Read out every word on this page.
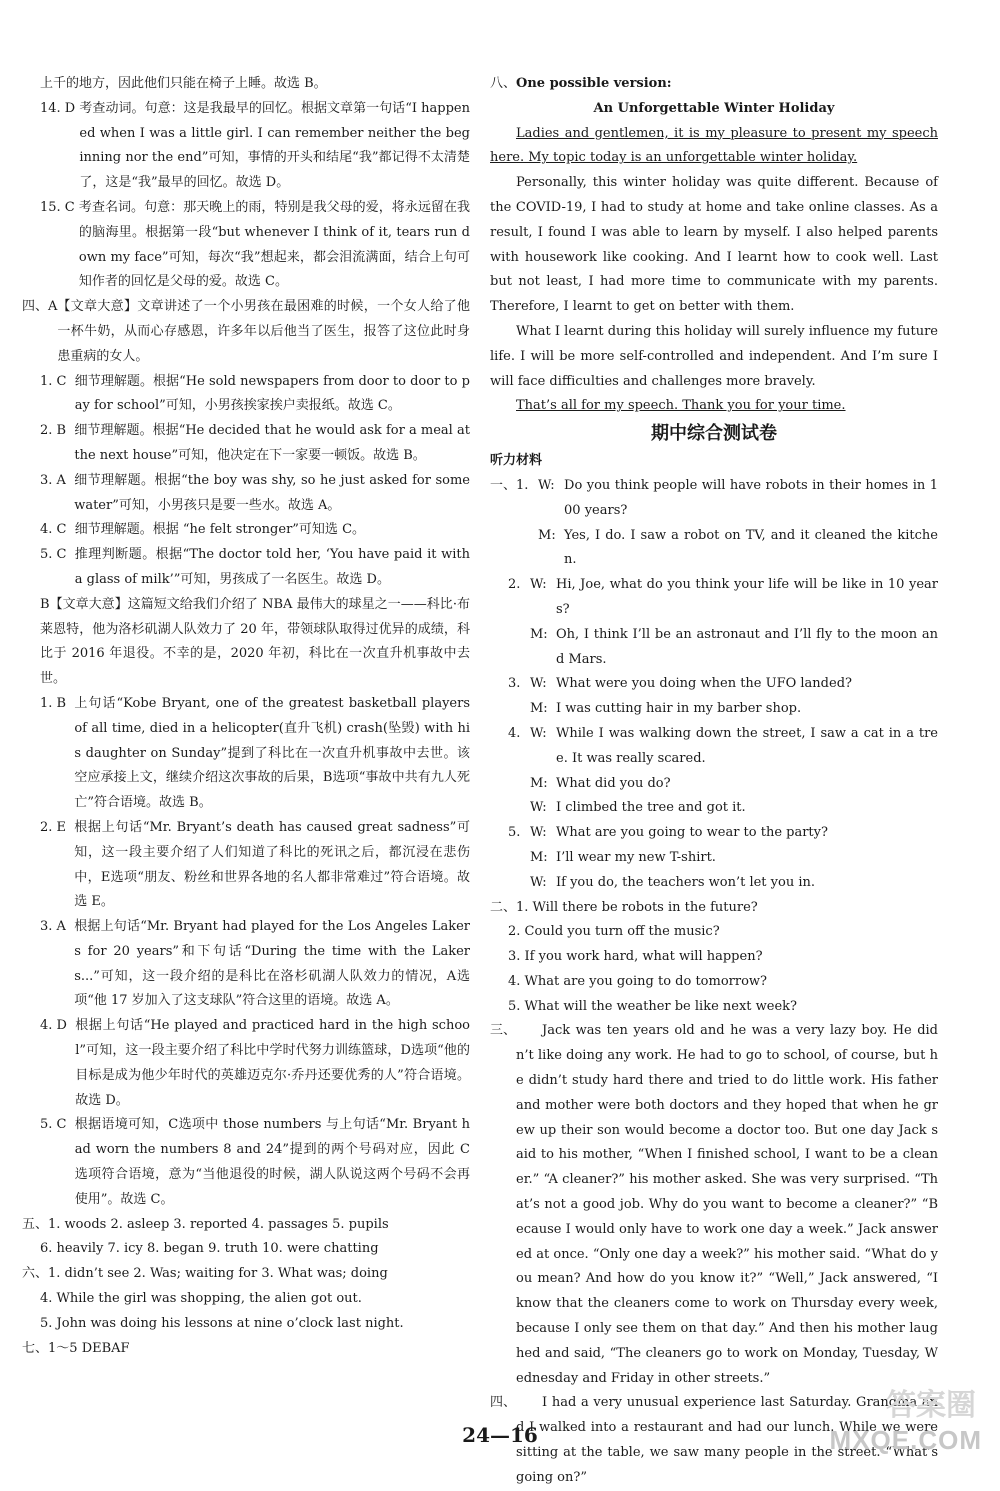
上千的地方，因此他们只能在椅子上睡。故选 B。
14. D
考查动词。句意：这是我最早的回忆。根据文章第一句话“I happened when I was a little girl. I can remember neither the beginning nor the end”可知，事情的开头和结尾“我”都记得不太清楚了，这是“我”最早的回忆。故选 D。
15. C
考查名词。句意：那天晚上的雨，特别是我父母的爱，将永远留在我的脑海里。根据第一段“but whenever I think of it, tears run down my face”可知，每次“我”想起来，都会泪流满面，结合上句可知作者的回忆是父母的爱。故选 C。
四、A 【文章大意】文章讲述了一个小男孩在最困难的时候，一个女人给了他一杯牛奶，从而心存感恩，许多年以后他当了医生，报答了这位此时身患重病的女人。
1. C
细节理解题。根据“He sold newspapers from door to door to pay for school”可知，小男孩挨家挨户卖报纸。故选 C。
2. B
细节理解题。根据“He decided that he would ask for a meal at the next house”可知，他决定在下一家要一顿饭。故选 B。
3. A
细节理解题。根据“the boy was shy, so he just asked for some water”可知，小男孩只是要一些水。故选 A。
4. C
细节理解题。根据 “he felt stronger”可知选 C。
5. C
推理判断题。根据“The doctor told her, ‘You have paid it with a glass of milk’”可知，男孩成了一名医生。故选 D。
B【文章大意】这篇短文给我们介绍了 NBA 最伟大的球星之一——科比·布莱恩特，他为洛杉矶湖人队效力了 20 年，带领球队取得过优异的成绩，科比于 2016 年退役。不幸的是，2020 年初，科比在一次直升机事故中去世。
1. B
上句话“Kobe Bryant, one of the greatest basketball players of all time, died in a helicopter(直升飞机) crash(坠毁) with his daughter on Sunday”提到了科比在一次直升机事故中去世。该空应承接上文，继续介绍这次事故的后果，B选项“事故中共有九人死亡”符合语境。故选 B。
2. E
根据上句话“Mr. Bryant’s death has caused great sadness”可知，这一段主要介绍了人们知道了科比的死讯之后，都沉浸在悲伤中，E选项“朋友、粉丝和世界各地的名人都非常难过”符合语境。故选 E。
3. A
根据上句话“Mr. Bryant had played for the Los Angeles Lakers for 20 years”和下句话“During the time with the Lakers...”可知，这一段介绍的是科比在洛杉矶湖人队效力的情况，A选项“他 17 岁加入了这支球队”符合这里的语境。故选 A。
4. D
根据上句话“He played and practiced hard in the high school”可知，这一段主要介绍了科比中学时代努力训练篮球，D选项“他的目标是成为他少年时代的英雄迈克尔·乔丹还要优秀的人”符合语境。故选 D。
5. C
根据语境可知，C选项中 those numbers 与上句话“Mr. Bryant had worn the numbers 8 and 24”提到的两个号码对应，因此 C 选项符合语境，意为“当他退役的时候，湖人队说这两个号码不会再使用”。故选 C。
五、 1. woods 2. asleep 3. reported 4. passages 5. pupils
6. heavily 7. icy 8. began 9. truth 10. were chatting
六、 1. didn’t see 2. Was; waiting for 3. What was; doing
4. While the girl was shopping, the alien got out.
5. John was doing his lessons at nine o’clock last night.
七、 1～5 DEBAF
八、 One possible version:
An Unforgettable Winter Holiday
Ladies and gentlemen, it is my pleasure to present my speech here. My topic today is an unforgettable winter holiday.
Personally, this winter holiday was quite different. Because of the COVID-19, I had to study at home and take online classes. As a result, I found I was able to learn by myself. I also helped parents with housework like cooking. And I learnt how to cook well. Last but not least, I had more time to communicate with my parents. Therefore, I learnt to get on better with them.
What I learnt during this holiday will surely influence my future life. I will be more self-controlled and independent. And I’m sure I will face difficulties and challenges more bravely.
That’s all for my speech. Thank you for your time.
期中综合测试卷
听力材料
一、 1. W: Do you think people will have robots in their homes in 100 years?
M: Yes, I do. I saw a robot on TV, and it cleaned the kitchen.
2. W: Hi, Joe, what do you think your life will be like in 10 years?
M: Oh, I think I’ll be an astronaut and I’ll fly to the moon and Mars.
3. W: What were you doing when the UFO landed?
M: I was cutting hair in my barber shop.
4. W: While I was walking down the street, I saw a cat in a tree. It was really scared.
M: What did you do?
W: I climbed the tree and got it.
5. W: What are you going to wear to the party?
M: I’ll wear my new T-shirt.
W: If you do, the teachers won’t let you in.
二、 1. Will there be robots in the future?
2. Could you turn off the music?
3. If you work hard, what will happen?
4. What are you going to do tomorrow?
5. What will the weather be like next week?
三、	Jack was ten years old and he was a very lazy boy. He didn’t like doing any work. He had to go to school, of course, but he didn’t study hard there and tried to do little work. His father and mother were both doctors and they hoped that when he grew up their son would become a doctor too. But one day Jack said to his mother, “When I finished school, I want to be a cleaner.” “A cleaner?” his mother asked. She was very surprised. “That’s not a good job. Why do you want to become a cleaner?” “Because I would only have to work one day a week.” Jack answered at once. “Only one day a week?” his mother said. “What do you mean? And how do you know it?” “Well,” Jack answered, “I know that the cleaners come to work on Thursday every week, because I only see them on that day.” And then his mother laughed and said, “The cleaners go to work on Monday, Tuesday, Wednesday and Friday in other streets.”
四、	I had a very unusual experience last Saturday. Grandma and I walked into a restaurant and had our lunch. While we were sitting at the table, we saw many people in the street. “What’s going on?”
24—16
答案圈
MXQE.COM
